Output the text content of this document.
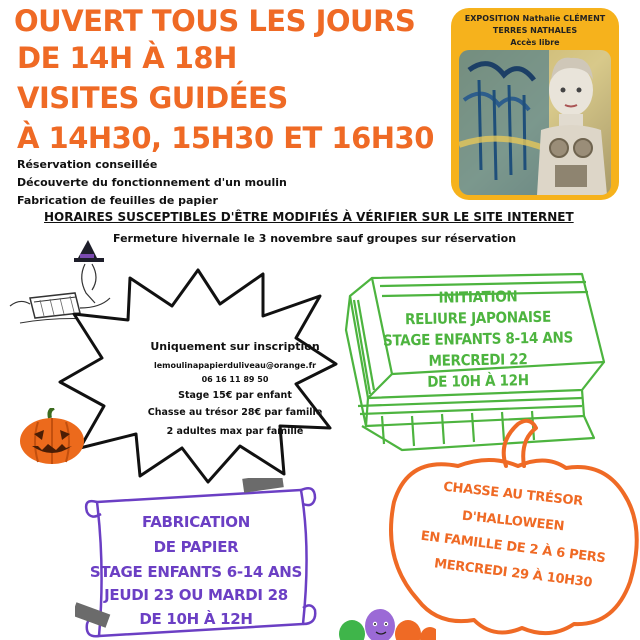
OUVERT TOUS LES JOURS
DE 14H À 18H
VISITES GUIDÉES
À 14H30, 15H30 ET 16H30
Réservation conseillée
Découverte du fonctionnement d'un moulin
Fabrication de feuilles de papier
HORAIRES SUSCEPTIBLES D'ÊTRE MODIFIÉS À VÉRIFIER SUR LE SITE INTERNET
Fermeture hivernale le 3 novembre sauf groupes sur réservation
EXPOSITION Nathalie CLÉMENT
TERRES NATHALES
Accès libre
Uniquement sur inscription
lemoulinapapierduliveau@orange.fr
06 16 11 89 50
Stage 15€ par enfant
Chasse au trésor 28€ par famille
2 adultes max par famille
INITIATION
RELIURE JAPONAISE
STAGE ENFANTS 8-14 ANS
MERCREDI 22
DE 10H À 12H
FABRICATION
DE PAPIER
STAGE ENFANTS 6-14 ANS
JEUDI 23 OU MARDI 28
DE 10H À 12H
CHASSE AU TRÉSOR
D'HALLOWEEN
EN FAMILLE DE 2 À 6 PERS
MERCREDI 29 À 10H30
